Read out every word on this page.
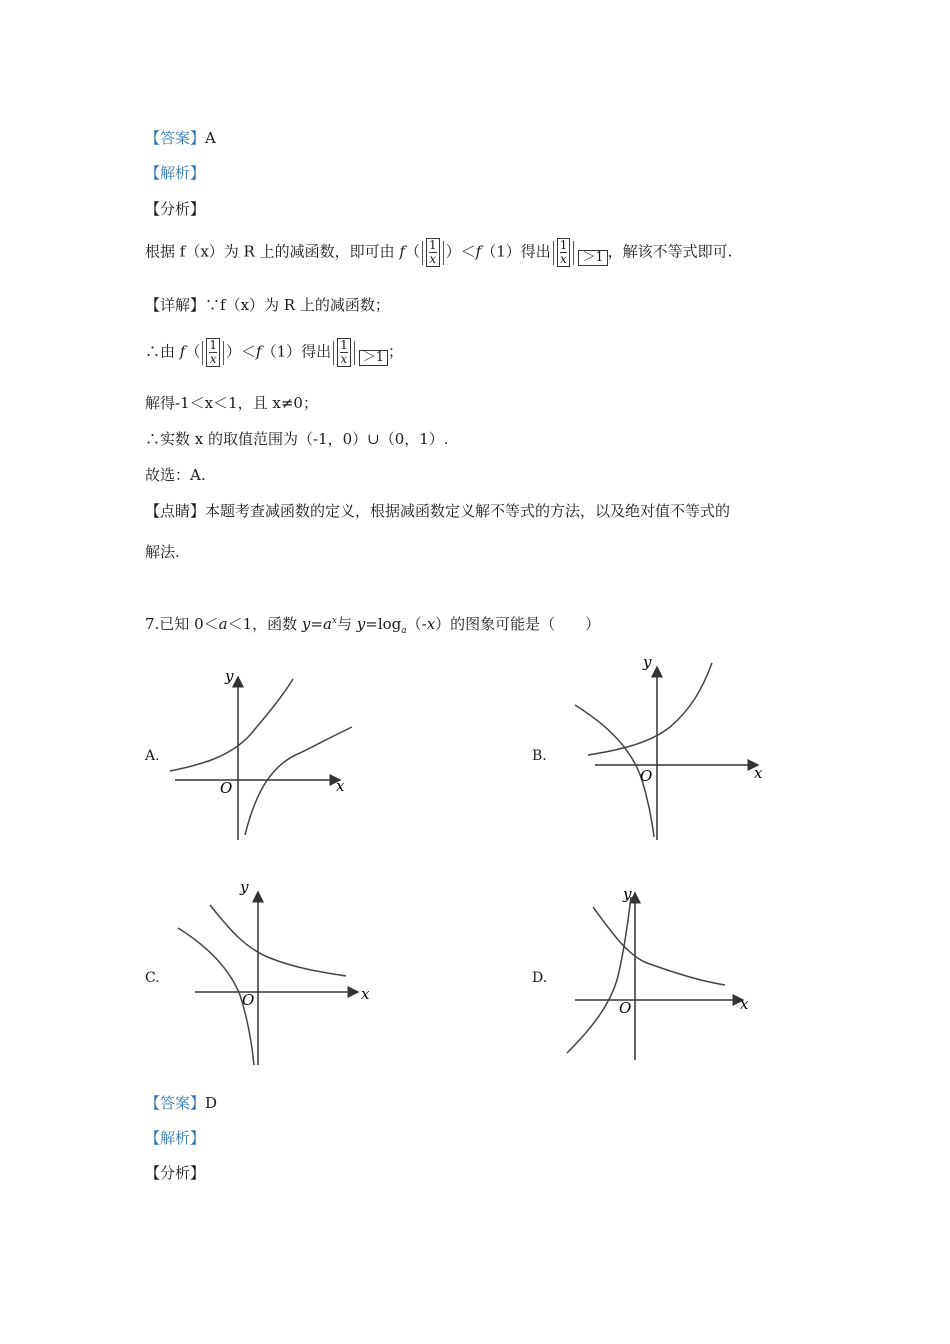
【答案】A
【解析】
【分析】
根据 f（x）为 R 上的减函数，即可由 $f( \frac{1}{x} )<f(1)$得出 $\frac{1}{x} >1$ ，解该不等式即可.
【详解】∵f（x）为 R 上的减函数；
∴由 $f( \frac{1}{x} )<f(1)$得出 $\frac{1}{x} >1$ ；
解得-1＜x＜1，且 x≠0；
∴实数 x 的取值范围为（-1，0）∪（0，1）.
故选：A.
【点睛】本题考查减函数的定义，根据减函数定义解不等式的方法，以及绝对值不等式的
解法.
7.已知 0＜a＜1，函数 $y=a^x$与 $y=\log_a(-x)$的图象可能是（　　）
A.	B.
C.	D.
y
O	x
y
O	x
y
O	x
y
O	x
【答案】D
【解析】
【分析】
